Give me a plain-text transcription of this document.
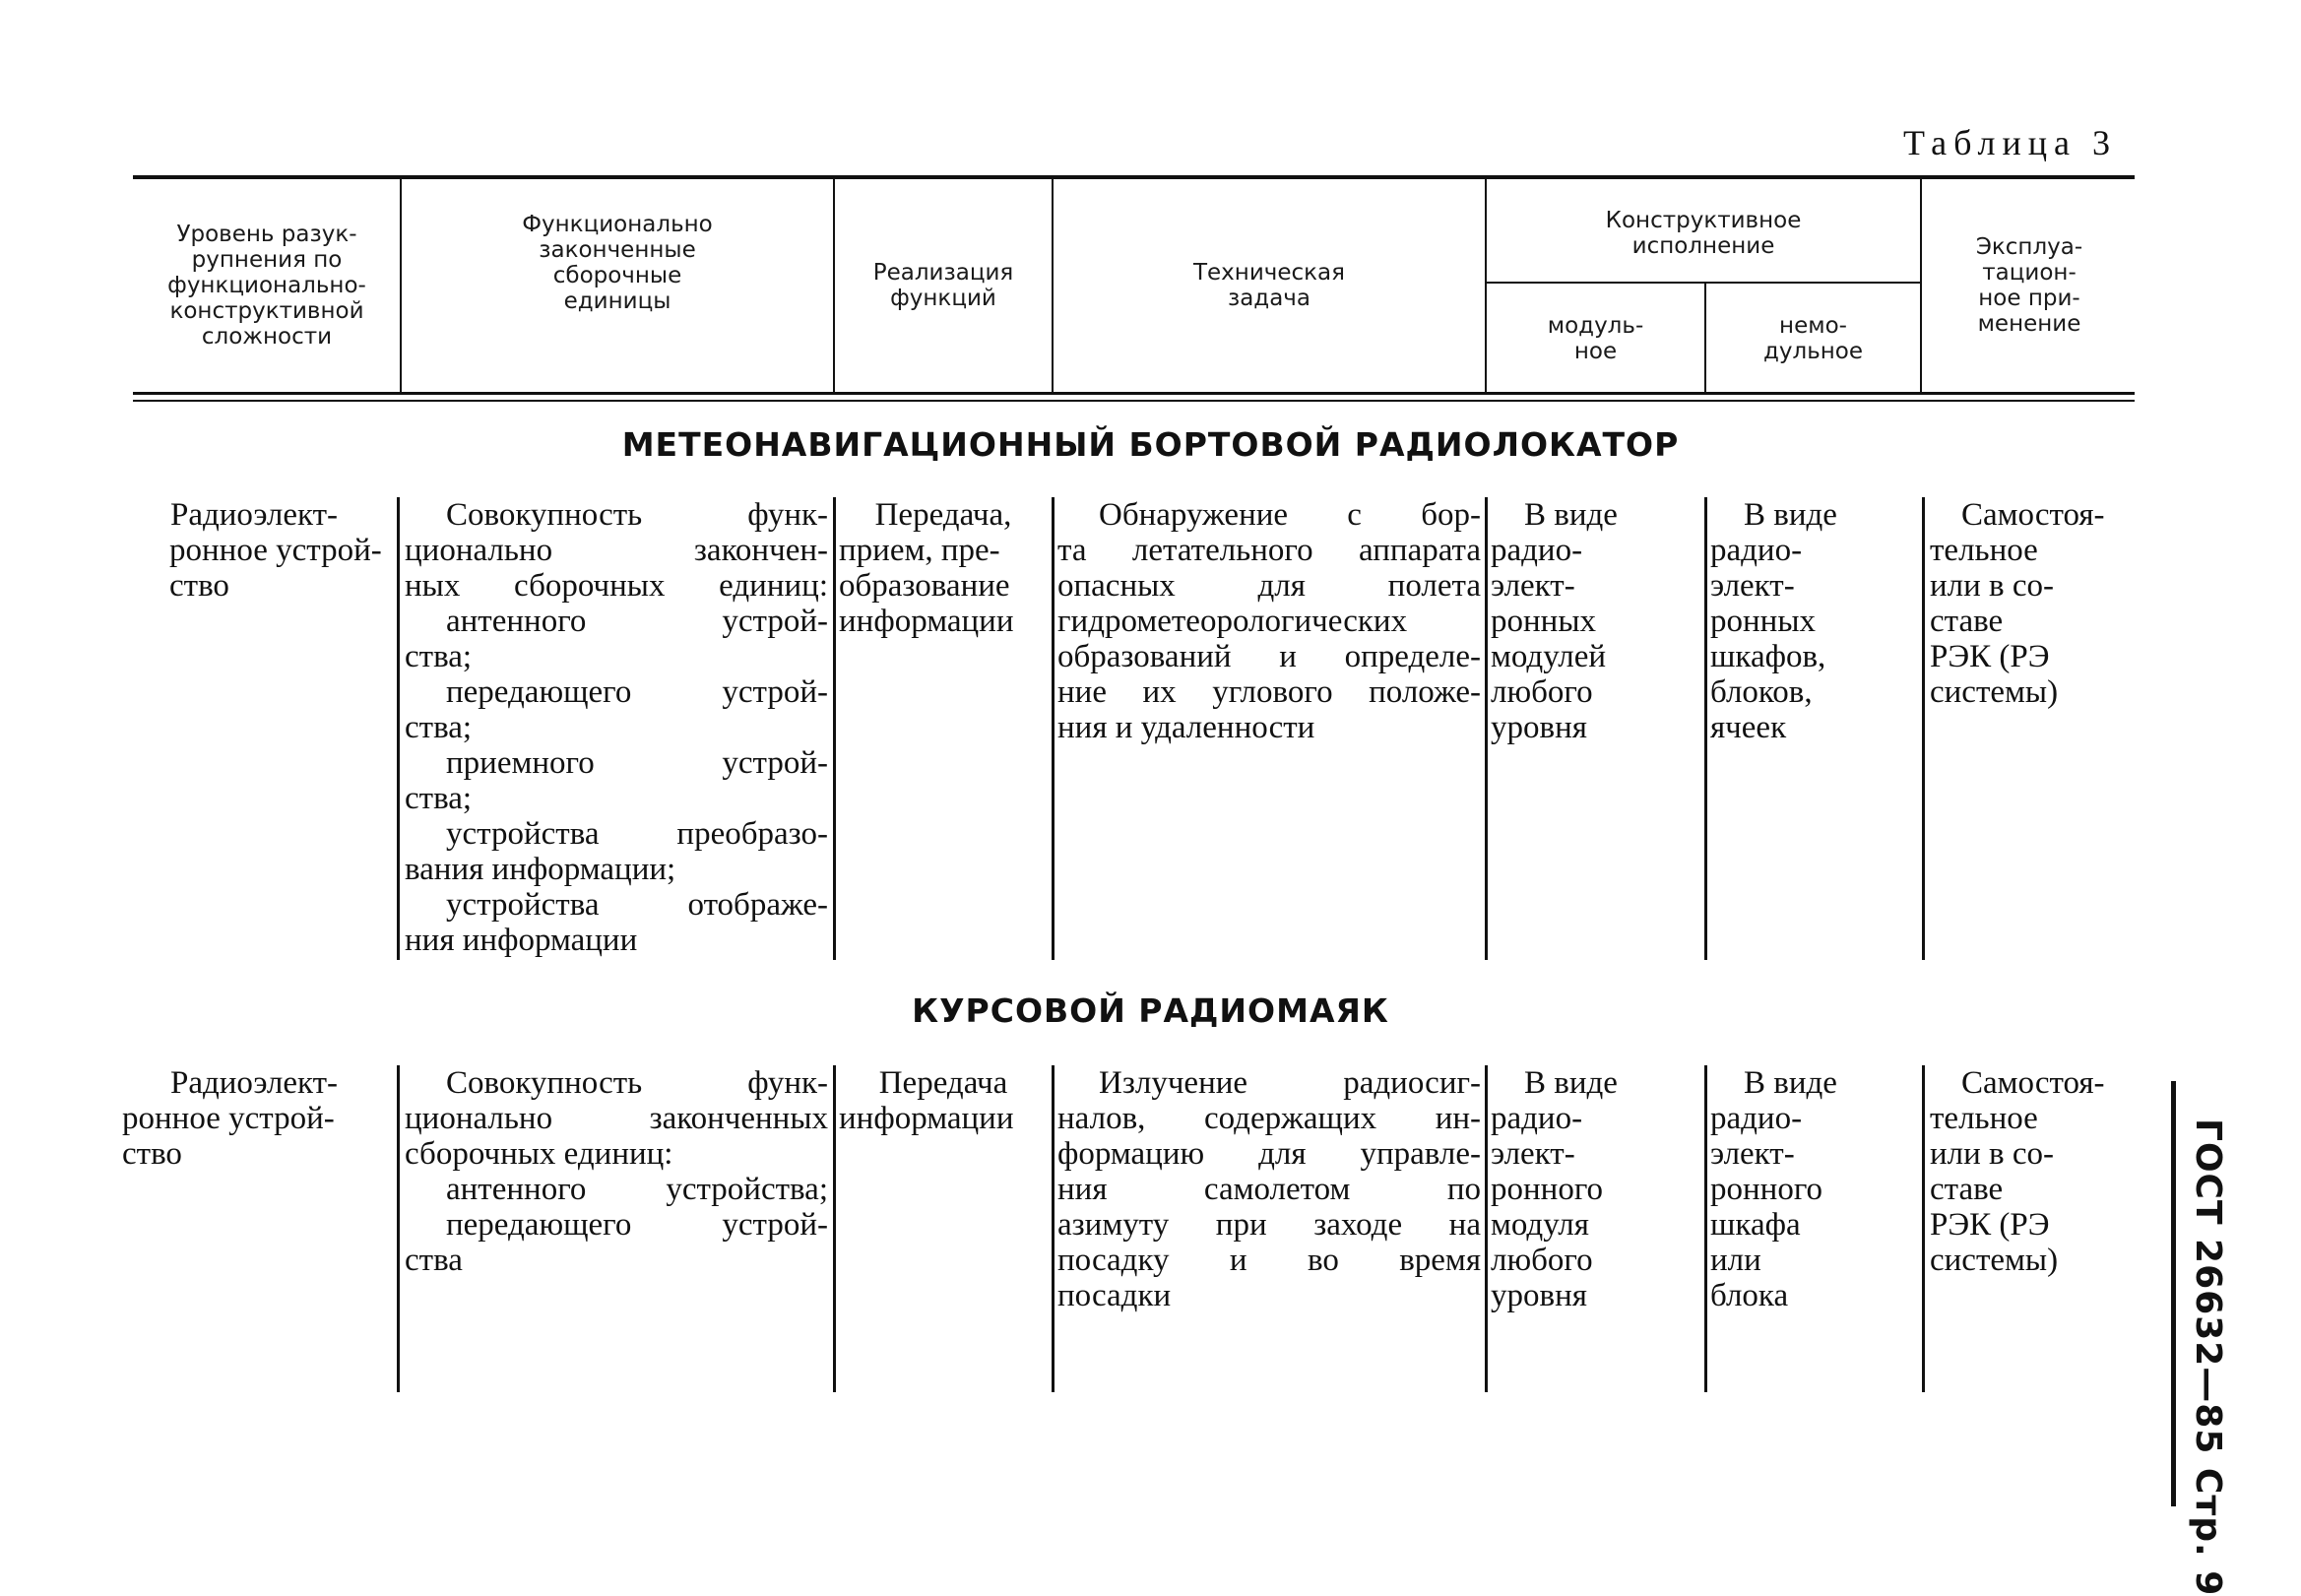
Таблица 3
Уровень разук-
рупнения по
функционально-
конструктивной
сложности
Функционально
законченные
сборочные
единицы
Реализация
функций
Техническая
задача
Конструктивное
исполнение
модуль-
ное
немо-
дульное
Эксплуа-
тацион-
ное при-
менение
МЕТЕОНАВИГАЦИОННЫЙ БОРТОВОЙ РАДИОЛОКАТОР
Радиоэлект-
ронное устрой-
ство
Совокупность функ-
ционально закончен-
ных сборочных единиц:
антенного устрой-
ства;
передающего устрой-
ства;
приемного устрой-
ства;
устройства преобразо-
вания информации;
устройства отображе-
ния информации
Передача,
прием, пре-
образование
информации
Обнаружение с бор-
та летательного аппарата
опасных для полета
гидрометеорологических
образований и определе-
ние их углового положе-
ния и удаленности
В виде
радио-
элект-
ронных
модулей
любого
уровня
В виде
радио-
элект-
ронных
шкафов,
блоков,
ячеек
Самостоя-
тельное
или в со-
ставе
РЭК (РЭ
системы)
КУРСОВОЙ РАДИОМАЯК
Радиоэлект-
ронное устрой-
ство
Совокупность функ-
ционально законченных
сборочных единиц:
антенного устройства;
передающего устрой-
ства
Передача
информации
Излучение радиосиг-
налов, содержащих ин-
формацию для управле-
ния самолетом по
азимуту при заходе на
посадку и во время
посадки
В виде
радио-
элект-
ронного
модуля
любого
уровня
В виде
радио-
элект-
ронного
шкафа
или
блока
Самостоя-
тельное
или в со-
ставе
РЭК (РЭ
системы)	ГОСТ 26632—85 Стр. 9
